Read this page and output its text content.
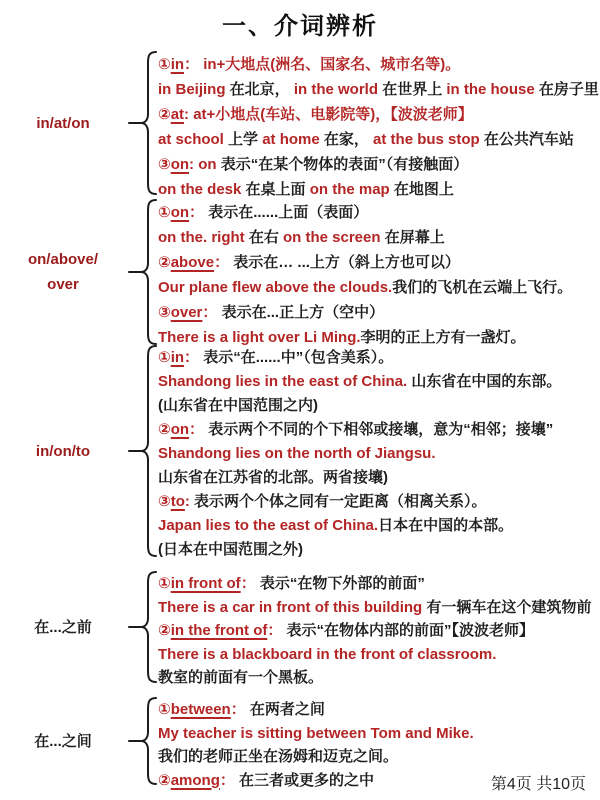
一、介词辨析
in/at/on
①in： in+大地点(洲名、国家名、城市名等)。
in Beijing 在北京， in the world 在世界上 in the house 在房子里
②at: at+小地点(车站、电影院等)，【波波老师】
at school 上学 at home 在家， at the bus stop 在公共汽车站
③on: on 表示“在某个物体的表面”（有接触面）
on the desk 在桌上面 on the map 在地图上
on/above/
over
①on： 表示在......上面（表面）
on the. right 在右 on the screen 在屏幕上
②above： 表示在… ...上方（斜上方也可以）
Our plane flew above the clouds.我们的飞机在云端上飞行。
③over： 表示在...正上方（空中）
There is a light over Li Ming.李明的正上方有一盏灯。
in/on/to
①in： 表示“在......中”（包含美系）。
Shandong lies in the east of China. 山东省在中国的东部。
(山东省在中国范围之内)
②on： 表示两个不同的个下相邻或接壤，意为“相邻；接壤”
Shandong lies on the north of Jiangsu.
山东省在江苏省的北部。两省接壤)
③to: 表示两个个体之同有一定距离（相离关系）。
Japan lies to the east of China.日本在中国的本部。
(日本在中国范围之外)
在...之前
①in front of： 表示“在物下外部的前面”
There is a car in front of this building 有一辆车在这个建筑物前
②in the front of： 表示“在物体内部的前面”【波波老师】
There is a blackboard in the front of classroom.
教室的前面有一个黑板。
在...之间
①between： 在两者之间
My teacher is sitting between Tom and Mike.
我们的老师正坐在汤姆和迈克之间。
②among： 在三者或更多的之中	第4页 共10页
